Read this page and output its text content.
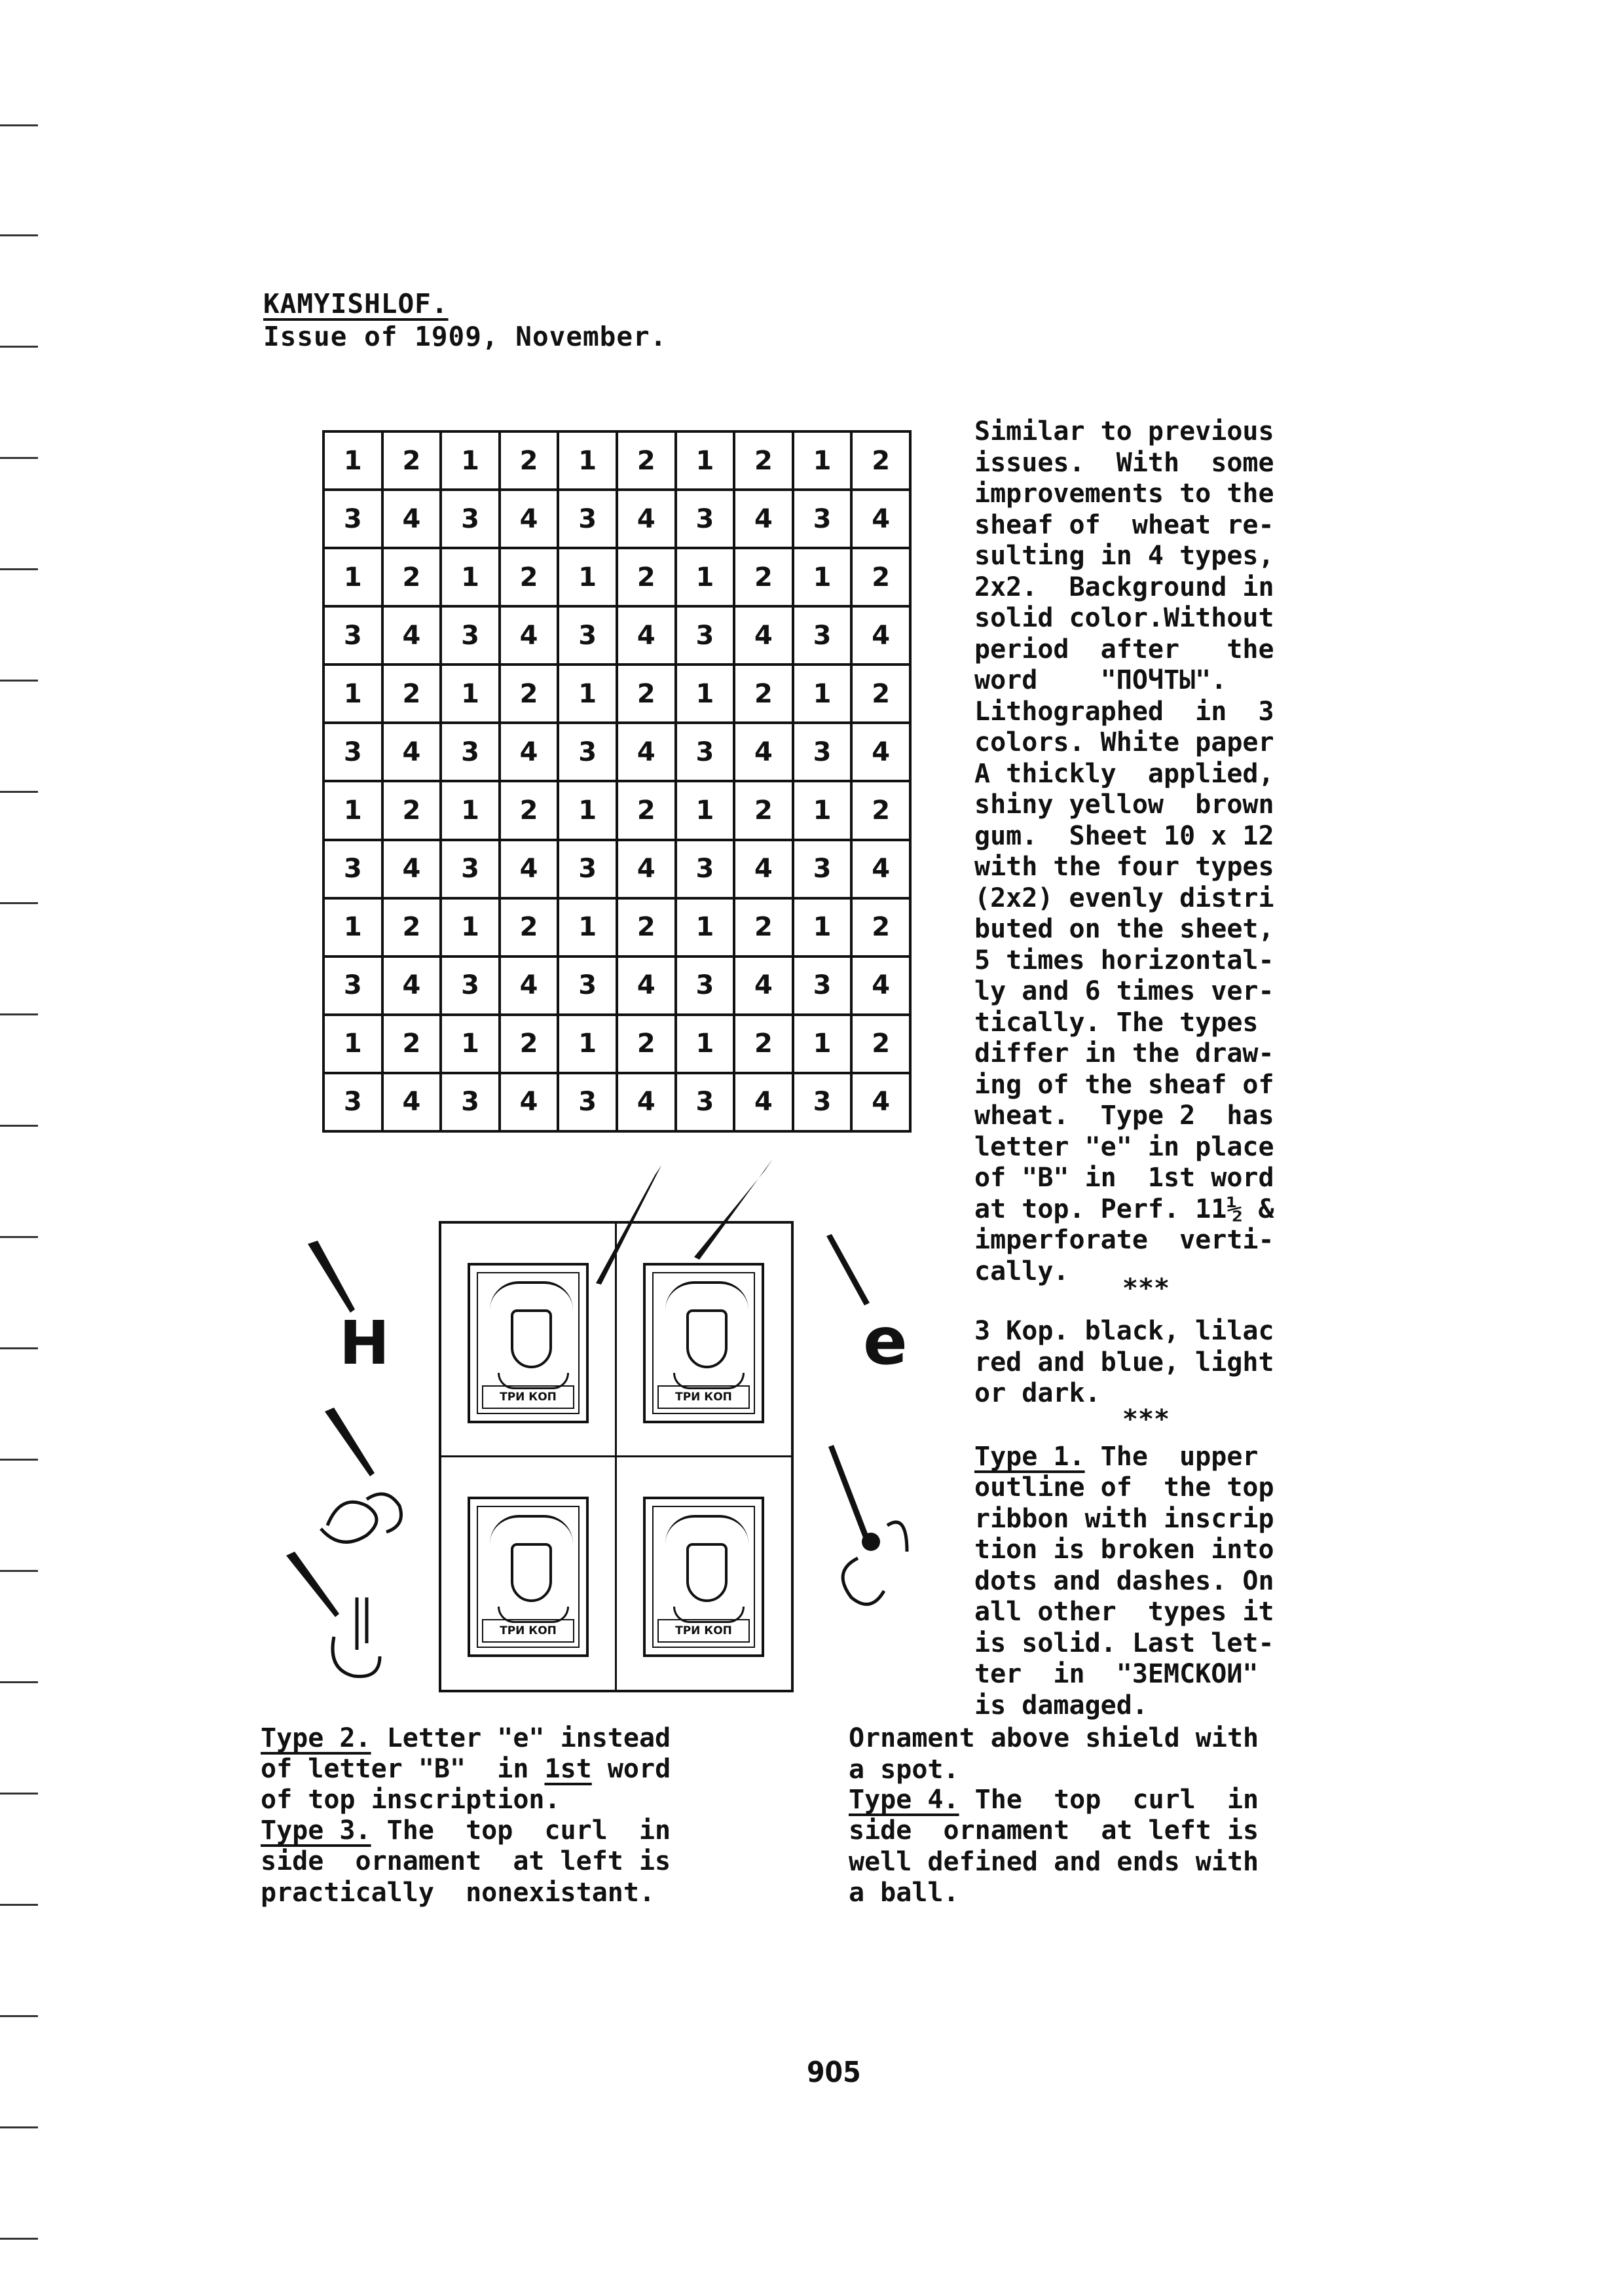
KAMYISHLOF.
Issue of 1909, November.
1	2	1	2	1	2	1	2	1	2
3	4	3	4	3	4	3	4	3	4
1	2	1	2	1	2	1	2	1	2
3	4	3	4	3	4	3	4	3	4
1	2	1	2	1	2	1	2	1	2
3	4	3	4	3	4	3	4	3	4
1	2	1	2	1	2	1	2	1	2
3	4	3	4	3	4	3	4	3	4
1	2	1	2	1	2	1	2	1	2
3	4	3	4	3	4	3	4	3	4
1	2	1	2	1	2	1	2	1	2
3	4	3	4	3	4	3	4	3	4
Similar to previous
issues.  With  some
improvements to the
sheaf of  wheat re-
sulting in 4 types,
2x2.  Background in
solid color.Without
period  after   the
word    "ПОЧТЫ".
Lithographed  in  3
colors. White paper
A thickly  applied,
shiny yellow  brown
gum.  Sheet 10 x 12
with the four types
(2x2) evenly distri
buted on the sheet,
5 times horizontal-
ly and 6 times ver-
tically. The types
differ in the draw-
ing of the sheaf of
wheat.  Type 2  has
letter "e" in place
of "B" in  1st word
at top. Perf. 11½ &
imperforate  verti-
cally.
***
3 Kop. black, lilac
red and blue, light
or dark.
***
Type 1. The  upper
outline of  the top
ribbon with inscrip
tion is broken into
dots and dashes. On
all other  types it
is solid. Last let-
ter  in  "ЗЕМСКОИ"
is damaged.
Type 2. Letter "e" instead
of letter "B"  in 1st word
of top inscription.
Type 3. The  top  curl  in
side  ornament  at left is
practically  nonexistant.
Ornament above shield with
a spot.
Type 4. The  top  curl  in
side  ornament  at left is
well defined and ends with
a ball.
ТРИ КОП	ТРИ КОП
ТРИ КОП	ТРИ КОП
Н	е
905
